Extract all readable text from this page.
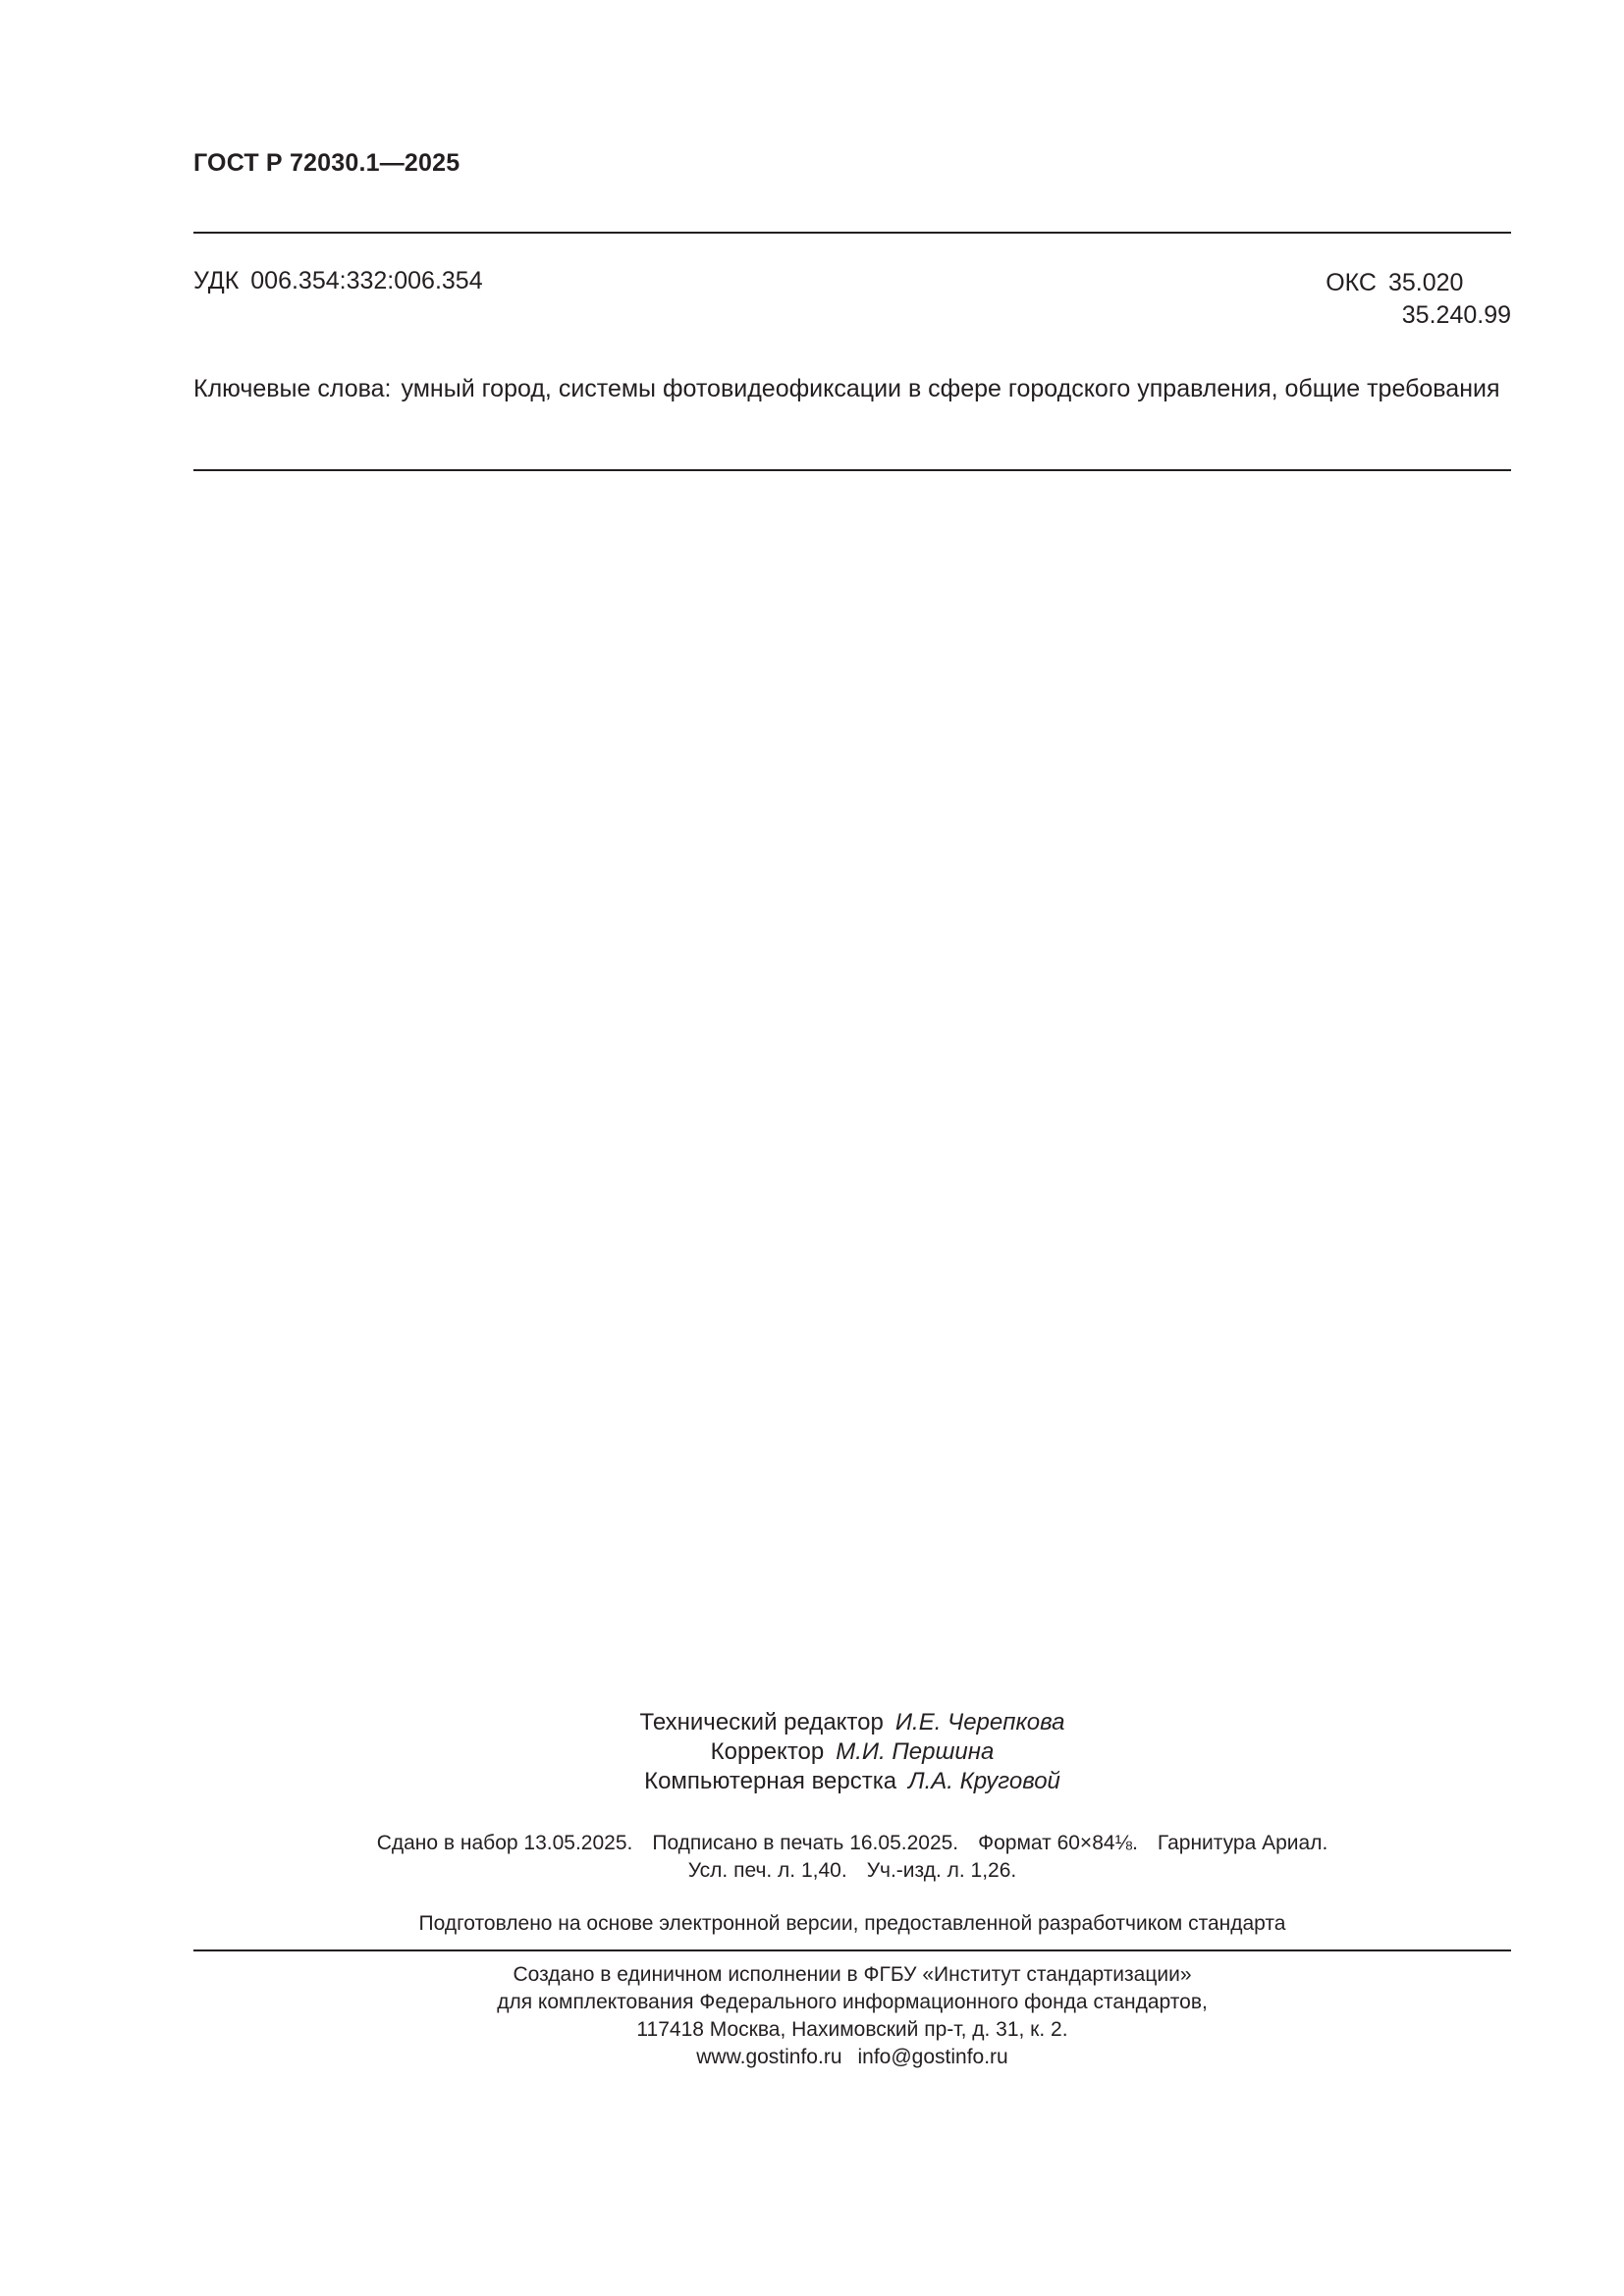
ГОСТ Р 72030.1—2025
УДК 006.354:332:006.354	ОКС 35.020
35.240.99
Ключевые слова: умный город, системы фотовидеофиксации в сфере городского управления, общие требования
Технический редактор И.Е. Черепкова
Корректор М.И. Першина
Компьютерная верстка Л.А. Круговой
Сдано в набор 13.05.2025. Подписано в печать 16.05.2025. Формат 60×84⅛. Гарнитура Ариал.
Усл. печ. л. 1,40. Уч.-изд. л. 1,26.
Подготовлено на основе электронной версии, предоставленной разработчиком стандарта
Создано в единичном исполнении в ФГБУ «Институт стандартизации»
для комплектования Федерального информационного фонда стандартов,
117418 Москва, Нахимовский пр-т, д. 31, к. 2.
www.gostinfo.ru info@gostinfo.ru
